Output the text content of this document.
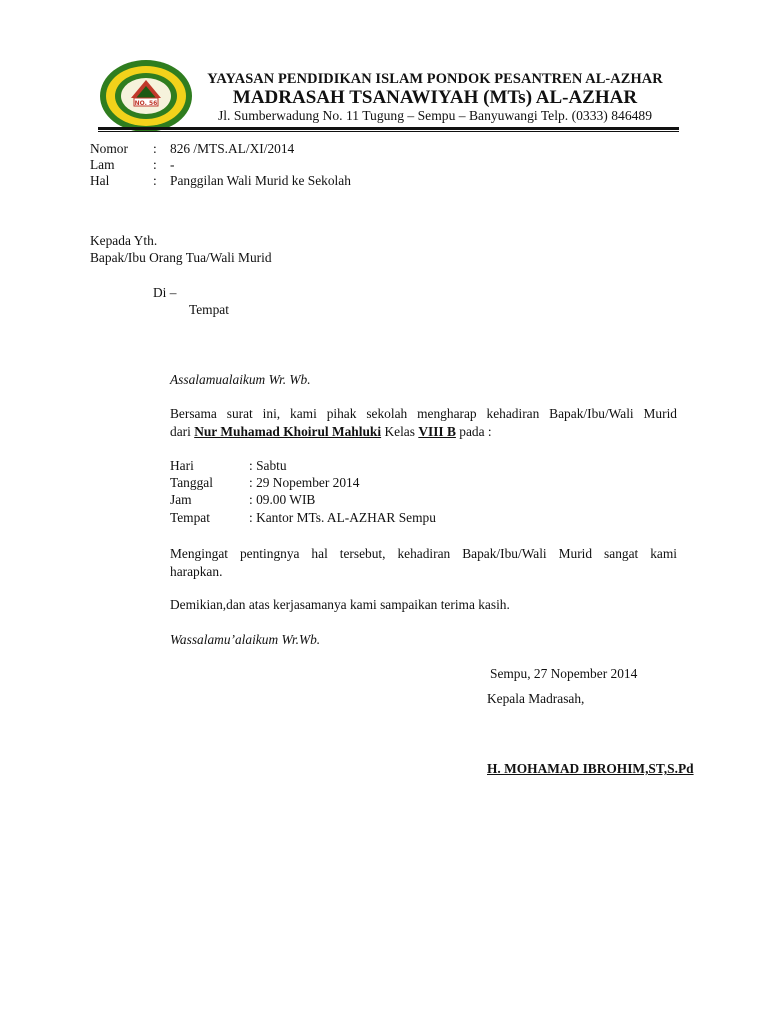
NO. 56
YAYASAN PENDIDIKAN ISLAM PONDOK PESANTREN AL-AZHAR
MADRASAH TSANAWIYAH (MTs) AL-AZHAR
Jl. Sumberwadung No. 11 Tugung – Sempu – Banyuwangi Telp. (0333) 846489
Nomor : 826 /MTS.AL/XI/2014
Lam	: -
Hal	: Panggilan Wali Murid ke Sekolah
Kepada Yth.
Bapak/Ibu Orang Tua/Wali Murid
Di –
Tempat
Assalamualaikum Wr. Wb.
Bersama surat ini, kami pihak sekolah mengharap kehadiran Bapak/Ibu/Wali Murid
dari Nur Muhamad Khoirul Mahluki Kelas VIII B pada :
Hari	: Sabtu
Tanggal	: 29 Nopember 2014
Jam	: 09.00 WIB
Tempat	: Kantor MTs. AL-AZHAR Sempu
Mengingat pentingnya hal tersebut, kehadiran Bapak/Ibu/Wali Murid sangat kami
harapkan.
Demikian,dan atas kerjasamanya kami sampaikan terima kasih.
Wassalamu’alaikum Wr.Wb.
Sempu, 27 Nopember 2014
Kepala Madrasah,
H. MOHAMAD IBROHIM,ST,S.Pd
